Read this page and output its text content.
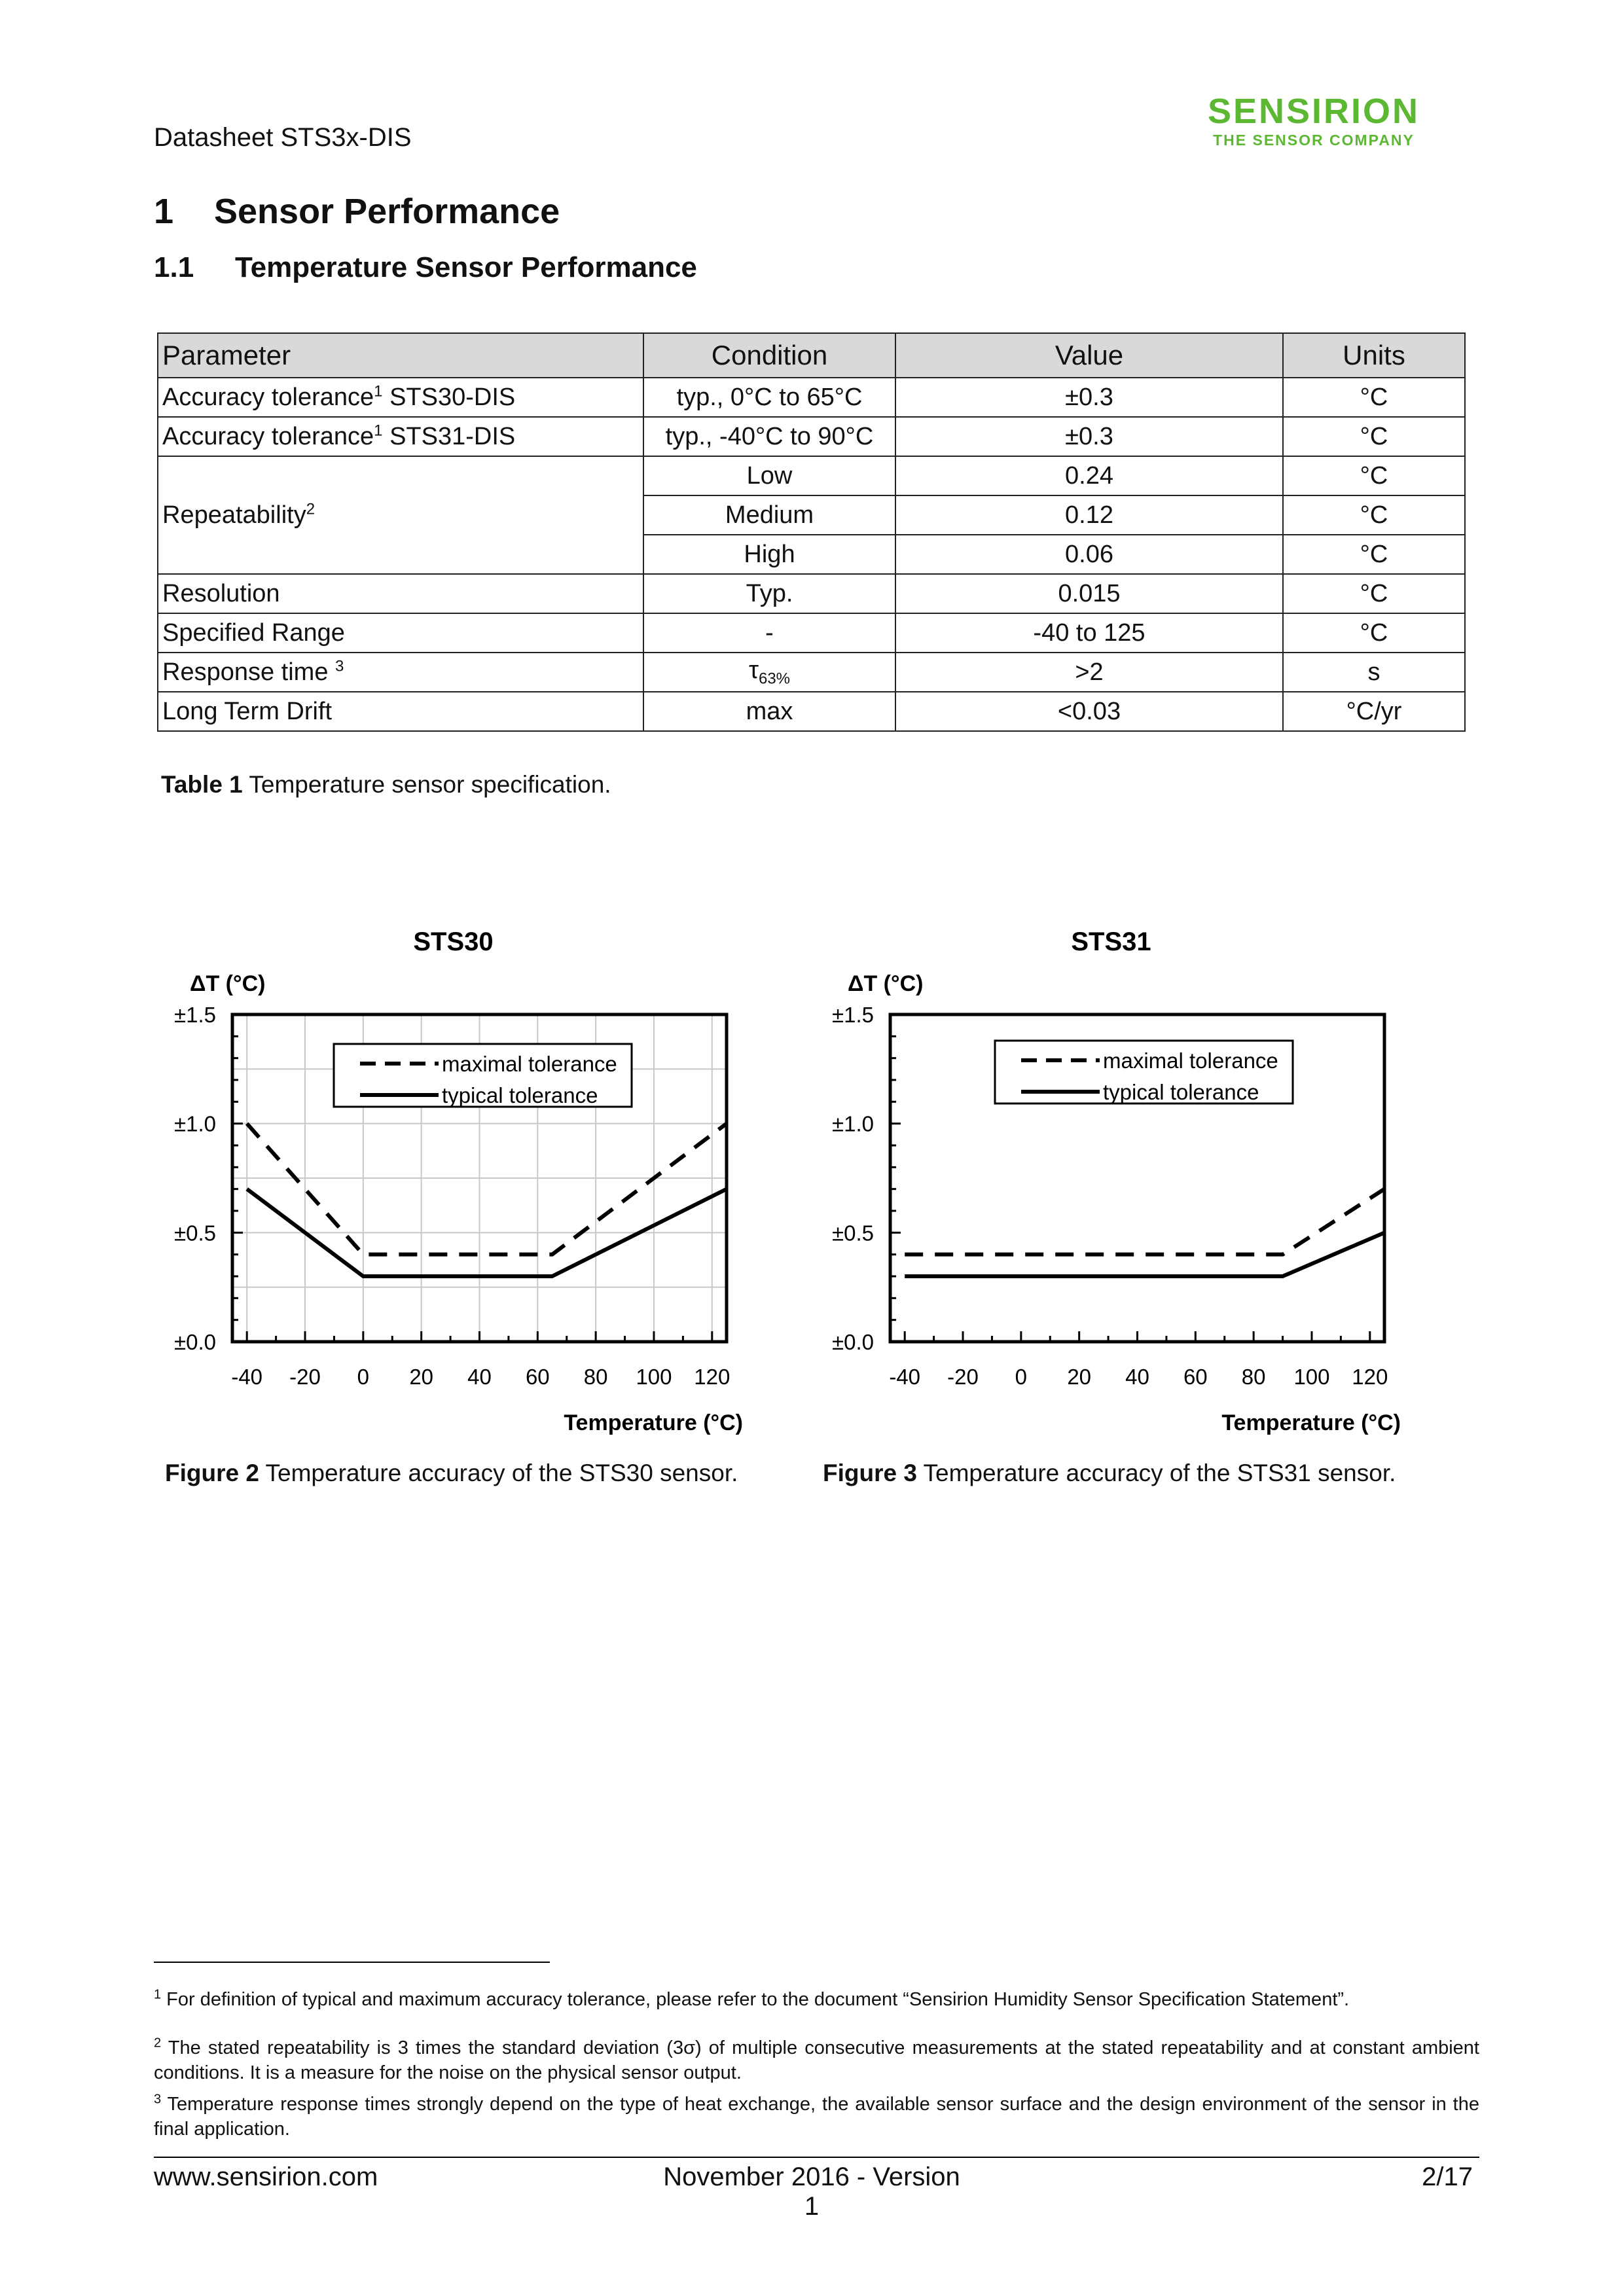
Datasheet STS3x-DIS
SENSIRION
THE SENSOR COMPANY
1 Sensor Performance
1.1 Temperature Sensor Performance
Parameter	Condition	Value	Units
Accuracy tolerance$^1$ STS30-DIS	typ., 0°C to 65°C	±0.3	°C
Accuracy tolerance$^1$ STS31-DIS	typ., -40°C to 90°C	±0.3	°C
Repeatability$^2$	Low	0.24	°C
	Medium	0.12	°C
	High	0.06	°C
Resolution	Typ.	0.015	°C
Specified Range	-	-40 to 125	°C
Response time $^3$	$\tau_{63\%}$	>2	s
Long Term Drift	max	<0.03	°C/yr
Table 1 Temperature sensor specification.
STS30
ΔT (°C)
Temperature (°C)
±0.0
±0.5
±1.0
±1.5
-40 -20 0 20 40 60 80 100 120
maximal tolerance
typical tolerance
STS31
ΔT (°C)
Temperature (°C)
±0.0
±0.5
±1.0
±1.5
-40 -20 0 20 40 60 80 100 120
maximal tolerance
typical tolerance
Figure 2 Temperature accuracy of the STS30 sensor.	Figure 3 Temperature accuracy of the STS31 sensor.
$^1$ For definition of typical and maximum accuracy tolerance, please refer to the document “Sensirion Humidity Sensor Specification Statement”.
$^2$ The stated repeatability is 3 times the standard deviation (3σ) of multiple consecutive measurements at the stated repeatability and at constant ambient conditions. It is a measure for the noise on the physical sensor output.
$^3$ Temperature response times strongly depend on the type of heat exchange, the available sensor surface and the design environment of the sensor in the final application.
www.sensirion.com	November 2016 - Version 1
2/17
